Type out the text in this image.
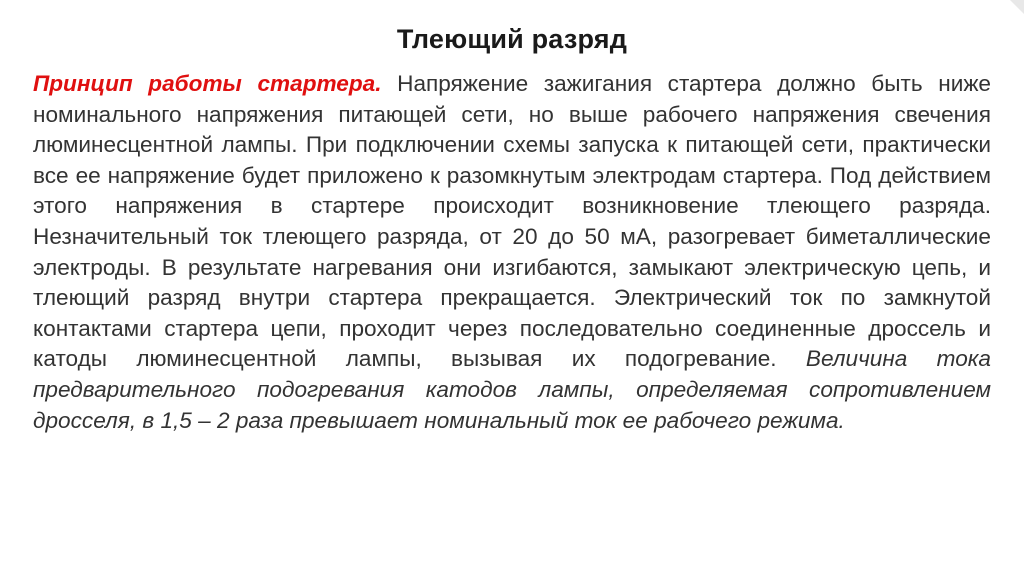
Тлеющий разряд
Принцип работы стартера. Напряжение зажигания стартера должно быть ниже номинального напряжения питающей сети, но выше рабочего напряжения свечения люминесцентной лампы. При подключении схемы запуска к питающей сети, практически все ее напряжение будет приложено к разомкнутым электродам стартера. Под действием этого напряжения в стартере происходит возникновение тлеющего разряда. Незначительный ток тлеющего разряда, от 20 до 50 мА, разогревает биметаллические электроды. В результате нагревания они изгибаются, замыкают электрическую цепь, и тлеющий разряд внутри стартера прекращается. Электрический ток по замкнутой контактами стартера цепи, проходит через последовательно соединенные дроссель и катоды люминесцентной лампы, вызывая их подогревание. Величина тока предварительного подогревания катодов лампы, определяемая сопротивлением дросселя, в 1,5 – 2 раза превышает номинальный ток ее рабочего режима.
